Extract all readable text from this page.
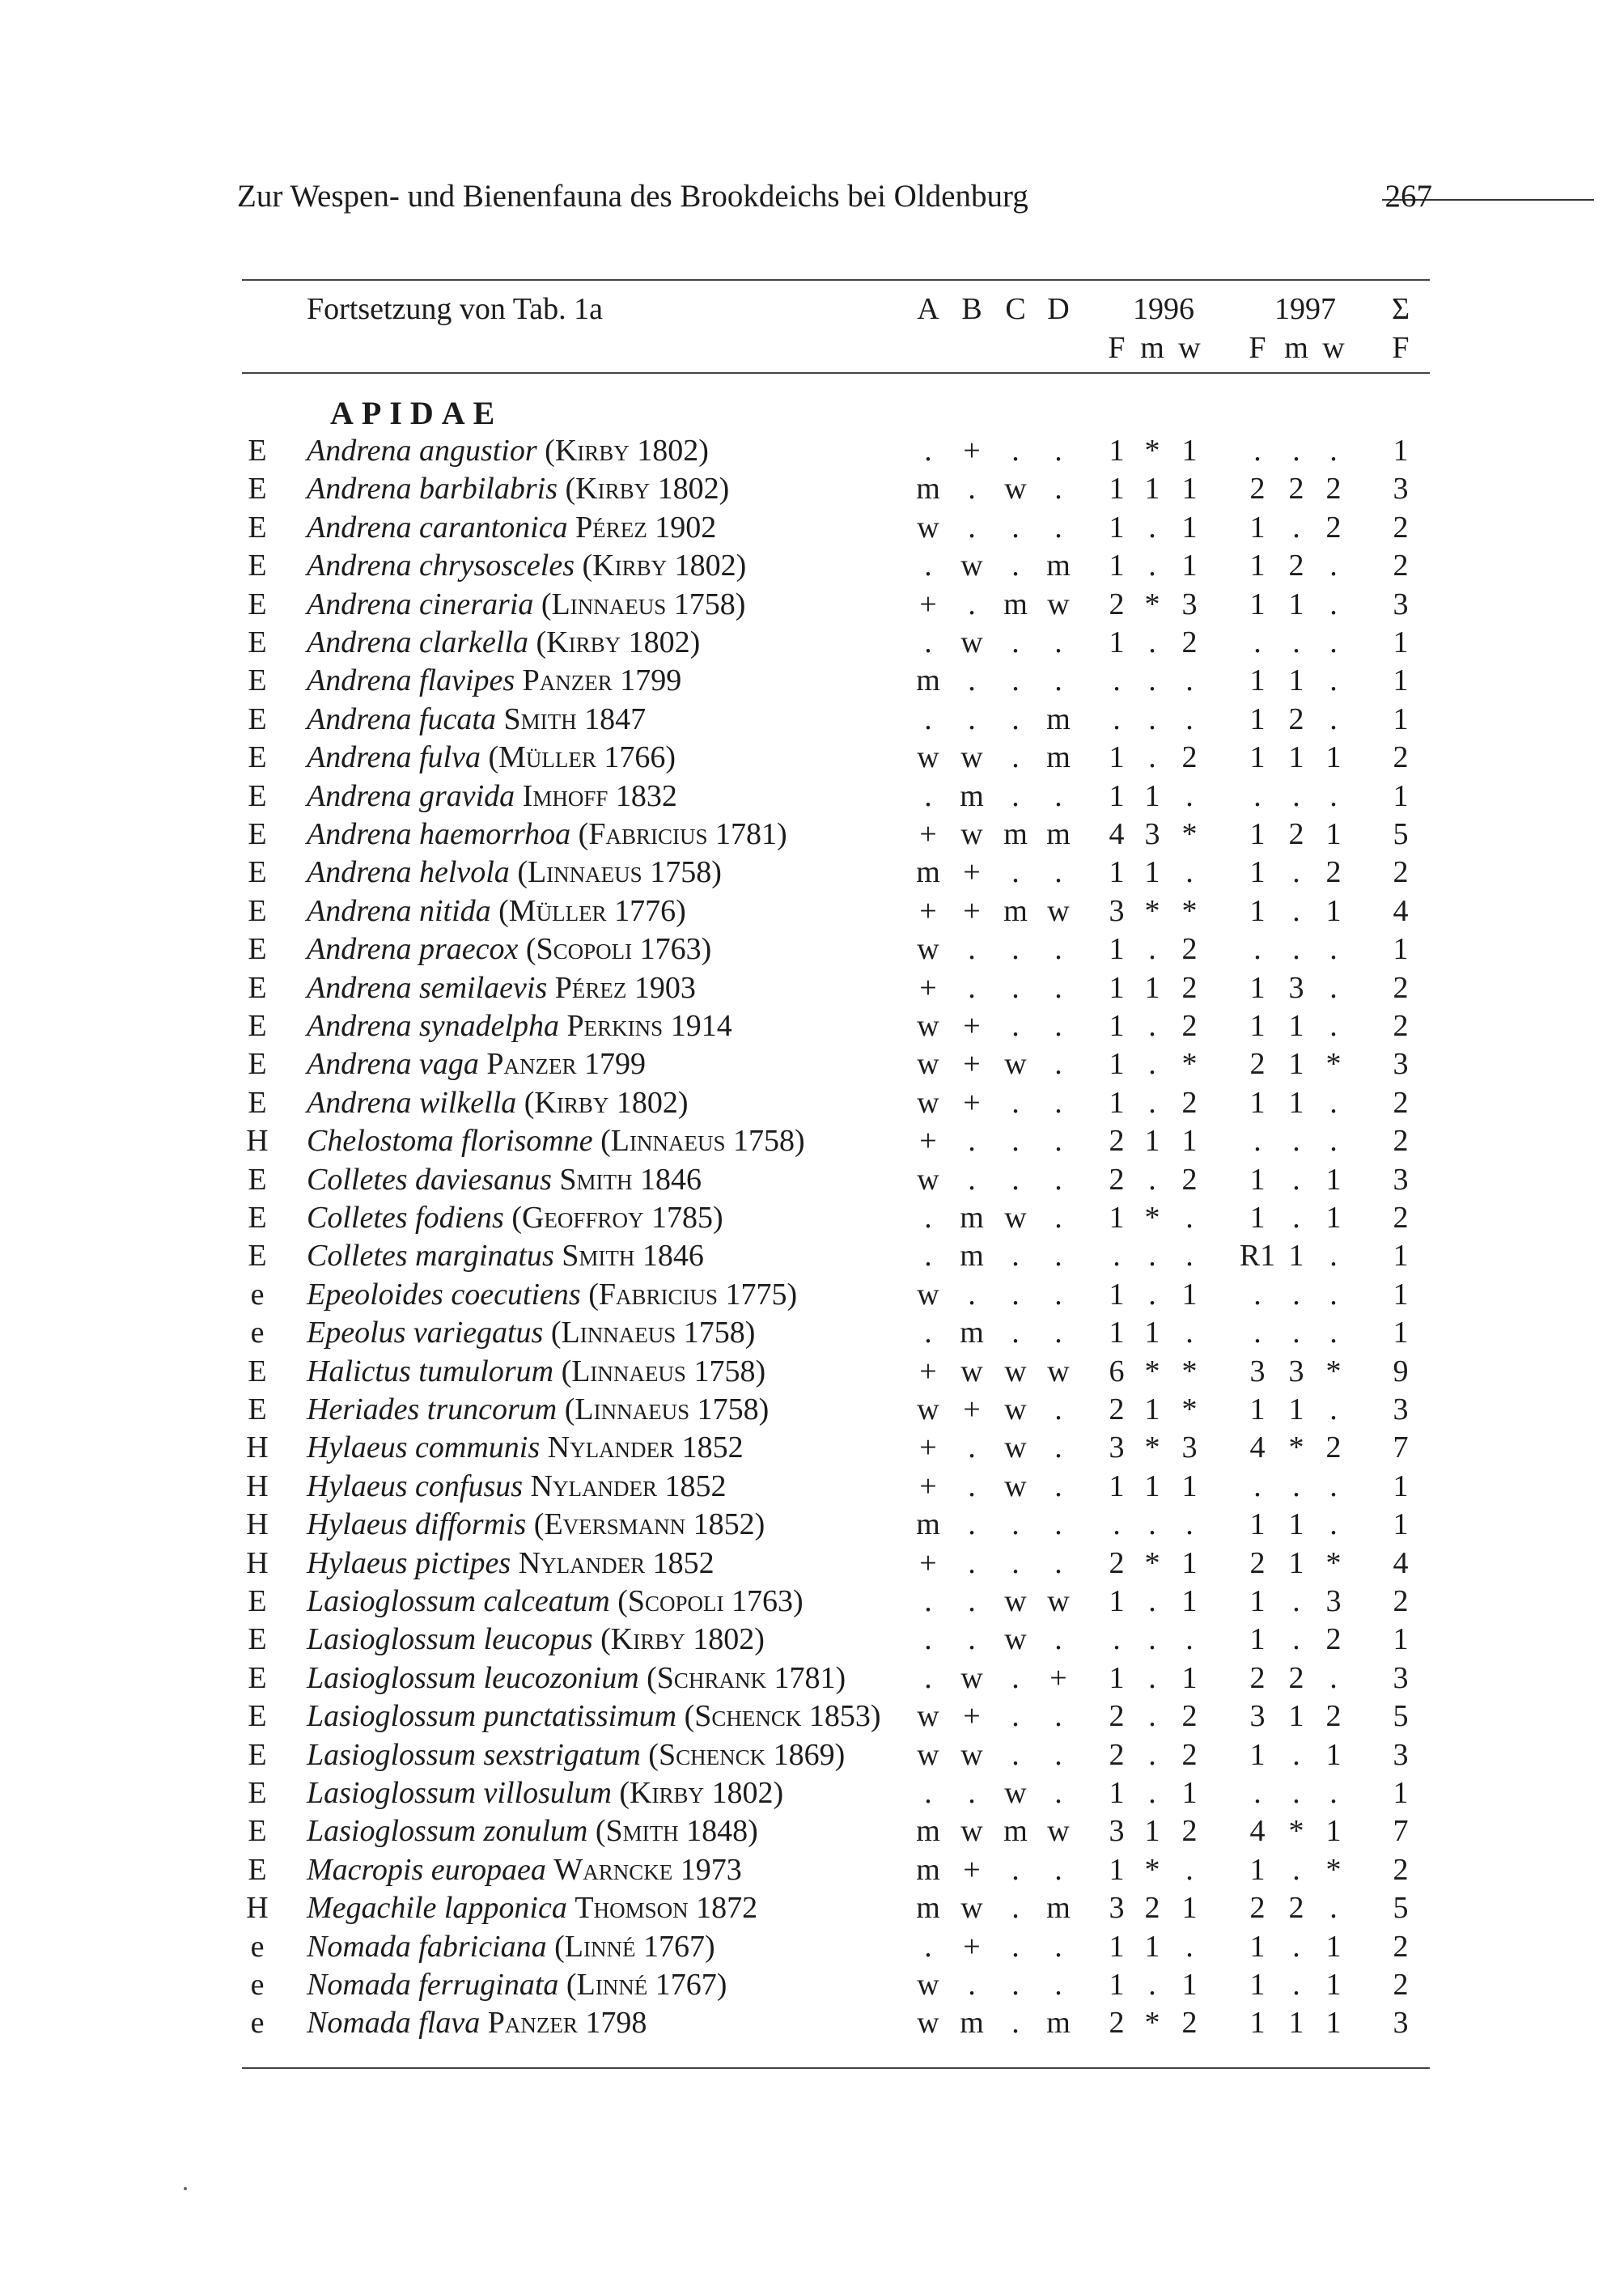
Zur Wespen- und Bienenfauna des Brookdeichs bei Oldenburg	267
Fortsetzung von Tab. 1a	A B C D 1996	1997 Σ
F m w F m w F
APIDAE
E Andrena angustior (Kirby 1802)	. + . . 1 * 1 . . . 1
E Andrena barbilabris (Kirby 1802)	m . w . 1 1 1 2 2 2 3
E Andrena carantonica Pérez 1902	w . . . 1 . 1 1 . 2 2
E Andrena chrysosceles (Kirby 1802)	. w . m 1 . 1 1 2 . 2
E Andrena cineraria (Linnaeus 1758)	+ . m w 2 * 3 1 1 . 3
E Andrena clarkella (Kirby 1802)	. w . . 1 . 2 . . . 1
E Andrena flavipes Panzer 1799	m . . . . . . 1 1 . 1
E Andrena fucata Smith 1847	. . . m . . . 1 2 . 1
E Andrena fulva (Müller 1766)	w w . m 1 . 2 1 1 1 2
E Andrena gravida Imhoff 1832	. m . . 1 1 . . . . 1
E Andrena haemorrhoa (Fabricius 1781)	+ w m m 4 3 * 1 2 1 5
E Andrena helvola (Linnaeus 1758)	m + . . 1 1 . 1 . 2 2
E Andrena nitida (Müller 1776)	+ + m w 3 * * 1 . 1 4
E Andrena praecox (Scopoli 1763)	w . . . 1 . 2 . . . 1
E Andrena semilaevis Pérez 1903	+ . . . 1 1 2 1 3 . 2
E Andrena synadelpha Perkins 1914	w + . . 1 . 2 1 1 . 2
E Andrena vaga Panzer 1799	w + w . 1 . * 2 1 * 3
E Andrena wilkella (Kirby 1802)	w + . . 1 . 2 1 1 . 2
H Chelostoma florisomne (Linnaeus 1758)	+ . . . 2 1 1 . . . 2
E Colletes daviesanus Smith 1846	w . . . 2 . 2 1 . 1 3
E Colletes fodiens (Geoffroy 1785)	. m w . 1 * . 1 . 1 2
E Colletes marginatus Smith 1846	. m . . . . . R1 1 . 1
e Epeoloides coecutiens (Fabricius 1775)	w . . . 1 . 1 . . . 1
e Epeolus variegatus (Linnaeus 1758)	. m . . 1 1 . . . . 1
E Halictus tumulorum (Linnaeus 1758)	+ w w w 6 * * 3 3 * 9
E Heriades truncorum (Linnaeus 1758)	w + w . 2 1 * 1 1 . 3
H Hylaeus communis Nylander 1852	+ . w . 3 * 3 4 * 2 7
H Hylaeus confusus Nylander 1852	+ . w . 1 1 1 . . . 1
H Hylaeus difformis (Eversmann 1852)	m . . . . . . 1 1 . 1
H Hylaeus pictipes Nylander 1852	+ . . . 2 * 1 2 1 * 4
E Lasioglossum calceatum (Scopoli 1763)	. . w w 1 . 1 1 . 3 2
E Lasioglossum leucopus (Kirby 1802)	. . w . . . . 1 . 2 1
E Lasioglossum leucozonium (Schrank 1781)	. w . + 1 . 1 2 2 . 3
E Lasioglossum punctatissimum (Schenck 1853) w + . . 2 . 2 3 1 2 5
E Lasioglossum sexstrigatum (Schenck 1869) w w . . 2 . 2 1 . 1 3
E Lasioglossum villosulum (Kirby 1802)	. . w . 1 . 1 . . . 1
E Lasioglossum zonulum (Smith 1848)	m w m w 3 1 2 4 * 1 7
E Macropis europaea Warncke 1973	m + . . 1 * . 1 . * 2
H Megachile lapponica Thomson 1872	m w . m 3 2 1 2 2 . 5
e Nomada fabriciana (Linné 1767)	. + . . 1 1 . 1 . 1 2
e Nomada ferruginata (Linné 1767)	w . . . 1 . 1 1 . 1 2
e Nomada flava Panzer 1798	w m . m 2 * 2 1 1 1 3
